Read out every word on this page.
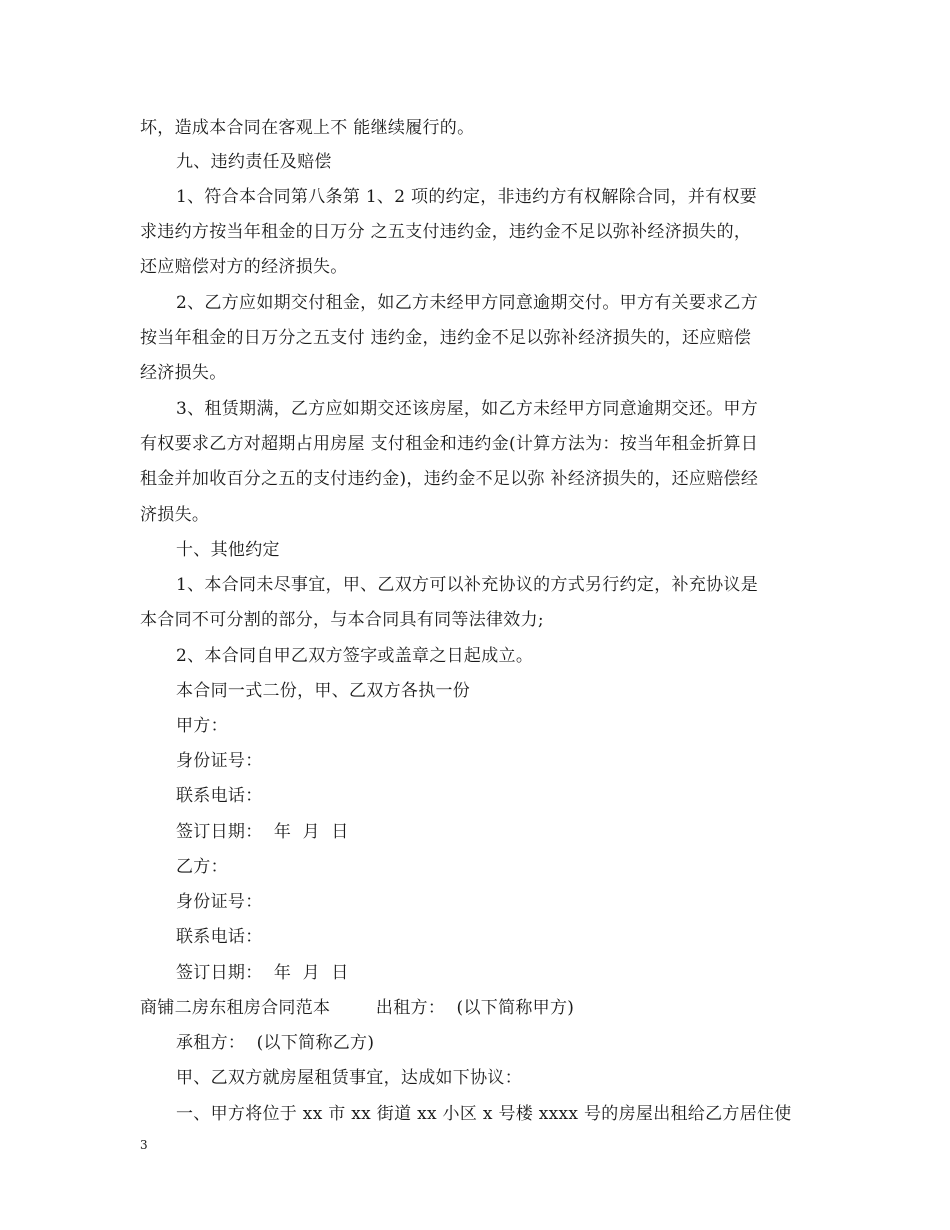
坏，造成本合同在客观上不 能继续履行的。
九、违约责任及赔偿
1、符合本合同第八条第 1、2 项的约定，非违约方有权解除合同，并有权要
求违约方按当年租金的日万分 之五支付违约金，违约金不足以弥补经济损失的，
还应赔偿对方的经济损失。
2、乙方应如期交付租金，如乙方未经甲方同意逾期交付。甲方有关要求乙方
按当年租金的日万分之五支付 违约金，违约金不足以弥补经济损失的，还应赔偿
经济损失。
3、租赁期满，乙方应如期交还该房屋，如乙方未经甲方同意逾期交还。甲方
有权要求乙方对超期占用房屋 支付租金和违约金(计算方法为：按当年租金折算日
租金并加收百分之五的支付违约金)，违约金不足以弥 补经济损失的，还应赔偿经
济损失。
十、其他约定
1、本合同未尽事宜，甲、乙双方可以补充协议的方式另行约定，补充协议是
本合同不可分割的部分，与本合同具有同等法律效力;
2、本合同自甲乙双方签字或盖章之日起成立。
本合同一式二份，甲、乙双方各执一份
甲方：
身份证号：
联系电话：
签订日期：  年  月  日
乙方：
身份证号：
联系电话：
签订日期：  年  月  日
商铺二房东租房合同范本        出租方：  (以下简称甲方)
承租方：  (以下简称乙方)
甲、乙双方就房屋租赁事宜，达成如下协议：
一、甲方将位于 xx 市 xx 街道 xx 小区 x 号楼 xxxx 号的房屋出租给乙方居住使
3
